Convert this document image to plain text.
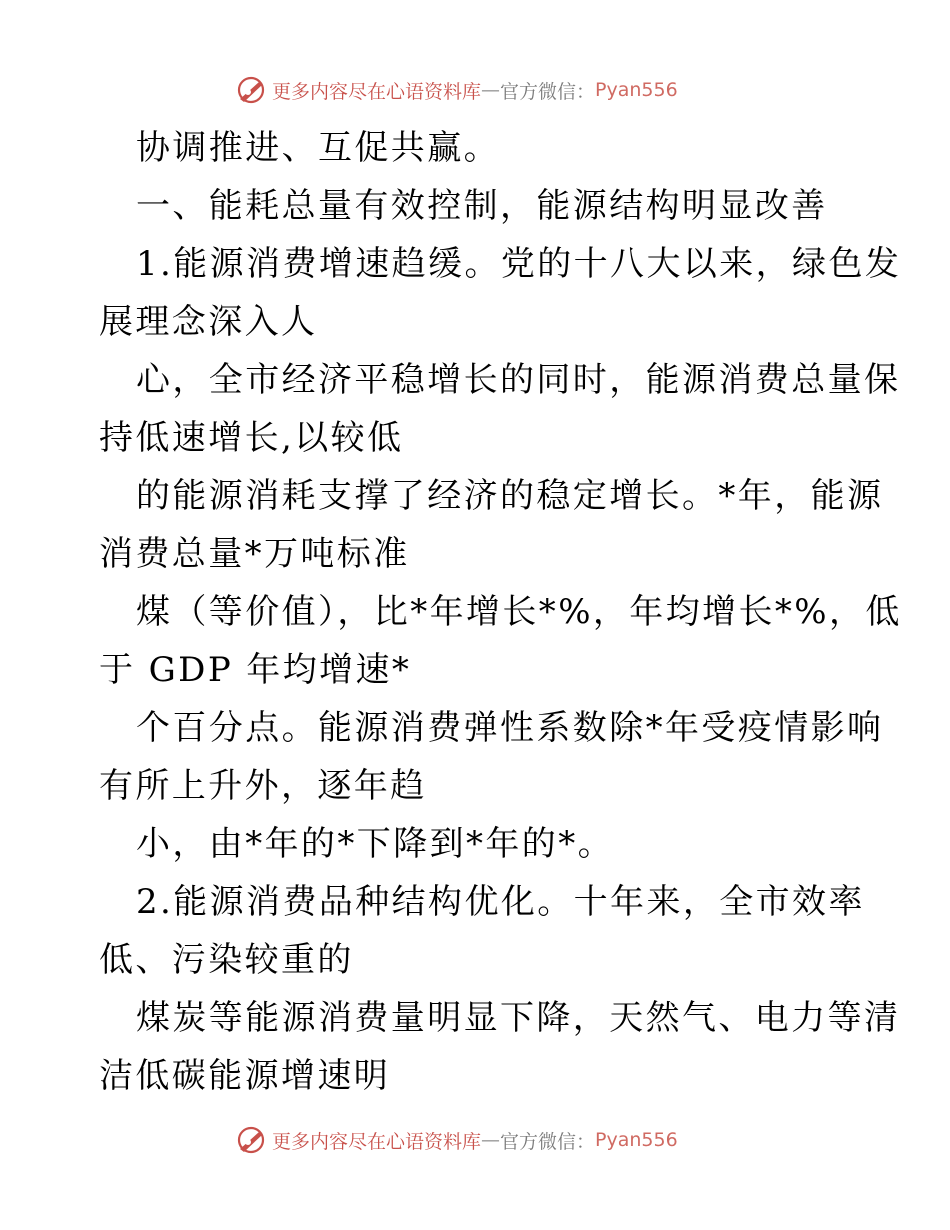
更多内容尽在心语资料库 — 官方微信： Pyan556
协调推进、互促共赢。
一、能耗总量有效控制，能源结构明显改善
1.能源消费增速趋缓。党的十八大以来，绿色发
展理念深入人
心，全市经济平稳增长的同时，能源消费总量保
持低速增长,以较低
的能源消耗支撑了经济的稳定增长。*年，能源
消费总量*万吨标准
煤（等价值），比*年增长*%，年均增长*%，低
于 GDP 年均增速*
个百分点。能源消费弹性系数除*年受疫情影响
有所上升外，逐年趋
小，由*年的*下降到*年的*。
2.能源消费品种结构优化。十年来，全市效率
低、污染较重的
煤炭等能源消费量明显下降，天然气、电力等清
洁低碳能源增速明
更多内容尽在心语资料库 — 官方微信： Pyan556
